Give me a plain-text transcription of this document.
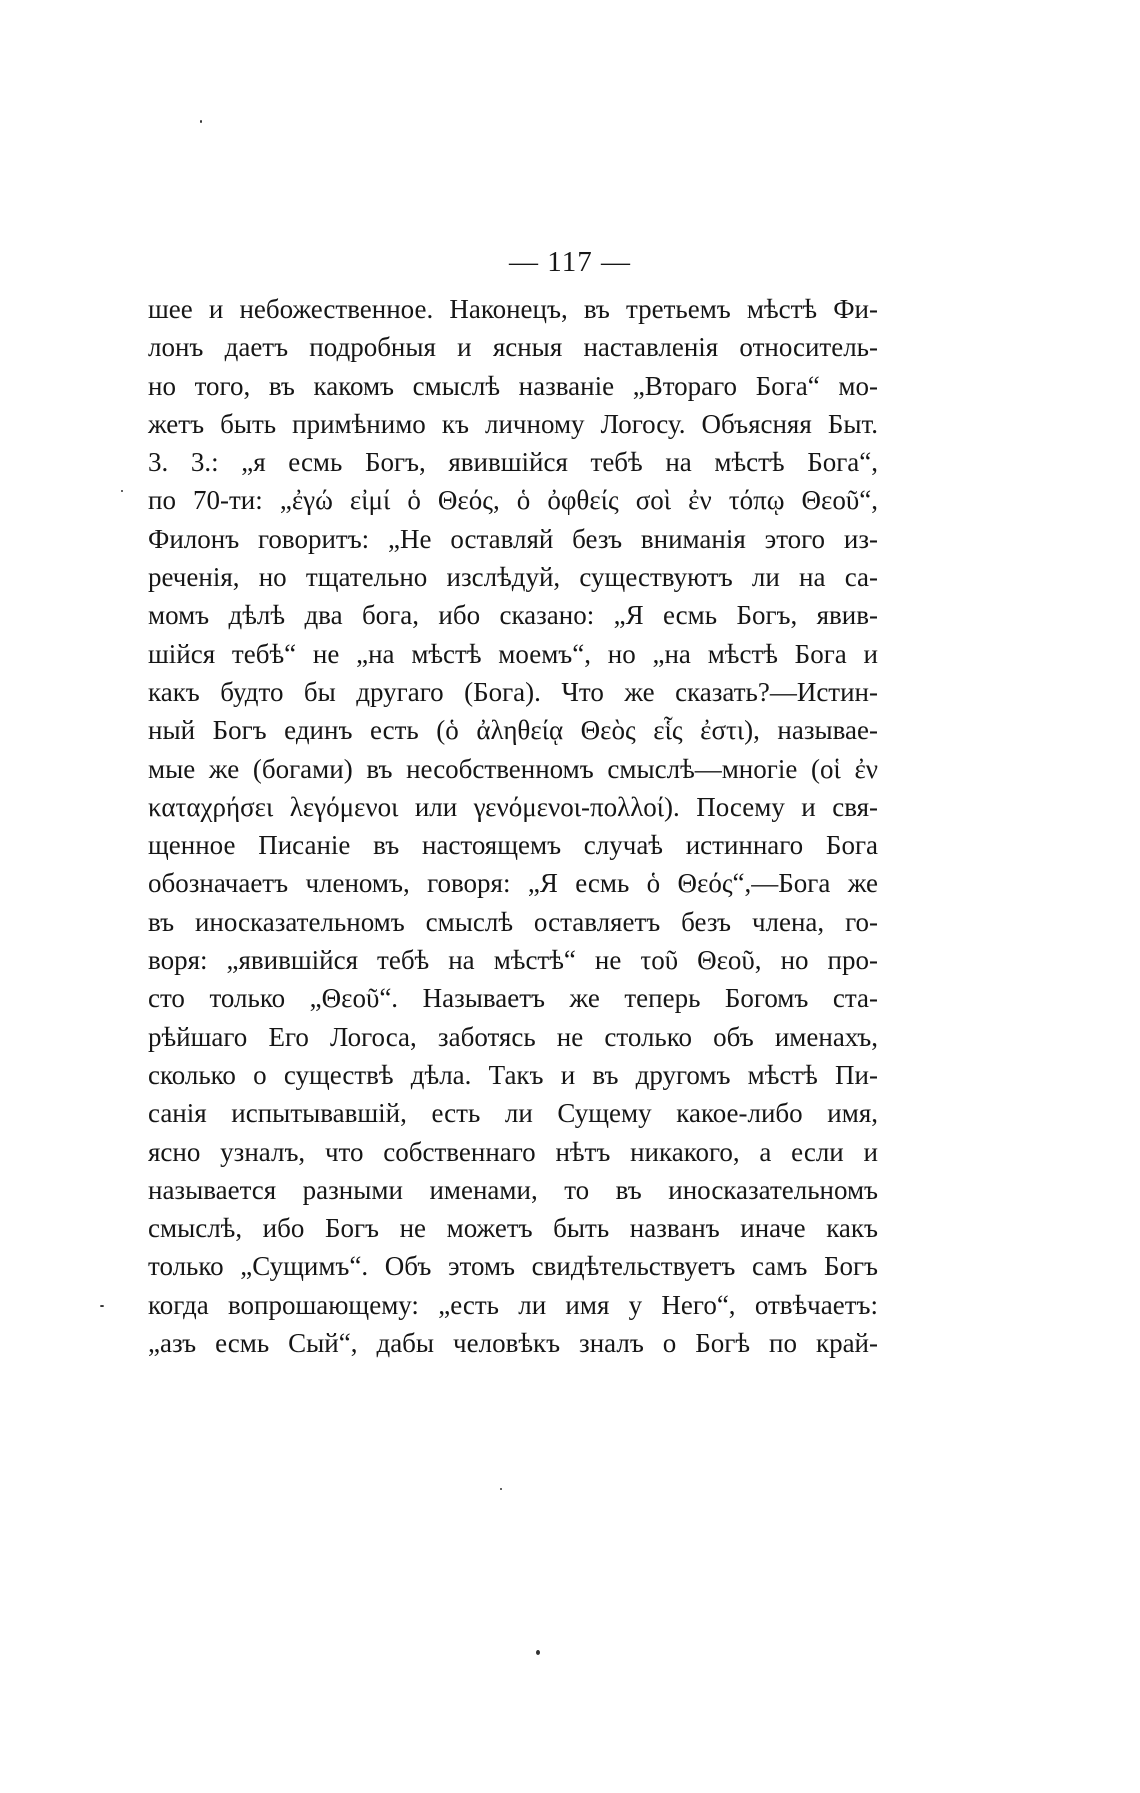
— 117 —
шее и небожественное. Наконецъ, въ третьемъ мѣстѣ Фи-
лонъ даетъ подробныя и ясныя наставленія относитель-
но того, въ какомъ смыслѣ названіе „Втораго Бога“ мо-
жетъ быть примѣнимо къ личному Логосу. Объясняя Быт.
3. 3.: „я есмь Богъ, явившійся тебѣ на мѣстѣ Бога“,
по 70-ти: „ἐγώ εἰμί ὁ Θεός, ὁ ὀφθείς σοὶ ἐν τόπῳ Θεοῦ“,
Филонъ говоритъ: „Не оставляй безъ вниманія этого из-
реченія, но тщательно изслѣдуй, существуютъ ли на са-
момъ дѣлѣ два бога, ибо сказано: „Я есмь Богъ, явив-
шійся тебѣ“ не „на мѣстѣ моемъ“, но „на мѣстѣ Бога и
какъ будто бы другаго (Бога). Что же сказать?—Истин-
ный Богъ единъ есть (ὁ ἀληθείᾳ Θεὸς εἷς ἐστι), называе-
мые же (богами) въ несобственномъ смыслѣ—многіе (οἱ ἐν
καταχρήσει λεγόμενοι или γενόμενοι-πολλοί). Посему и свя-
щенное Писаніе въ настоящемъ случаѣ истиннаго Бога
обозначаетъ членомъ, говоря: „Я есмь ὁ Θεός“,—Бога же
въ иносказательномъ смыслѣ оставляетъ безъ члена, го-
воря: „явившійся тебѣ на мѣстѣ“ не τοῦ Θεοῦ, но про-
сто только „Θεοῦ“. Называетъ же теперь Богомъ ста-
рѣйшаго Его Логоса, заботясь не столько объ именахъ,
сколько о существѣ дѣла. Такъ и въ другомъ мѣстѣ Пи-
санія испытывавшій, есть ли Сущему какое-либо имя,
ясно узналъ, что собственнаго нѣтъ никакого, а если и
называется разными именами, то въ иносказательномъ
смыслѣ, ибо Богъ не можетъ быть названъ иначе какъ
только „Сущимъ“. Объ этомъ свидѣтельствуетъ самъ Богъ
когда вопрошающему: „есть ли имя у Него“, отвѣчаетъ:
„азъ есмь Сый“, дабы человѣкъ зналъ о Богѣ по край-
